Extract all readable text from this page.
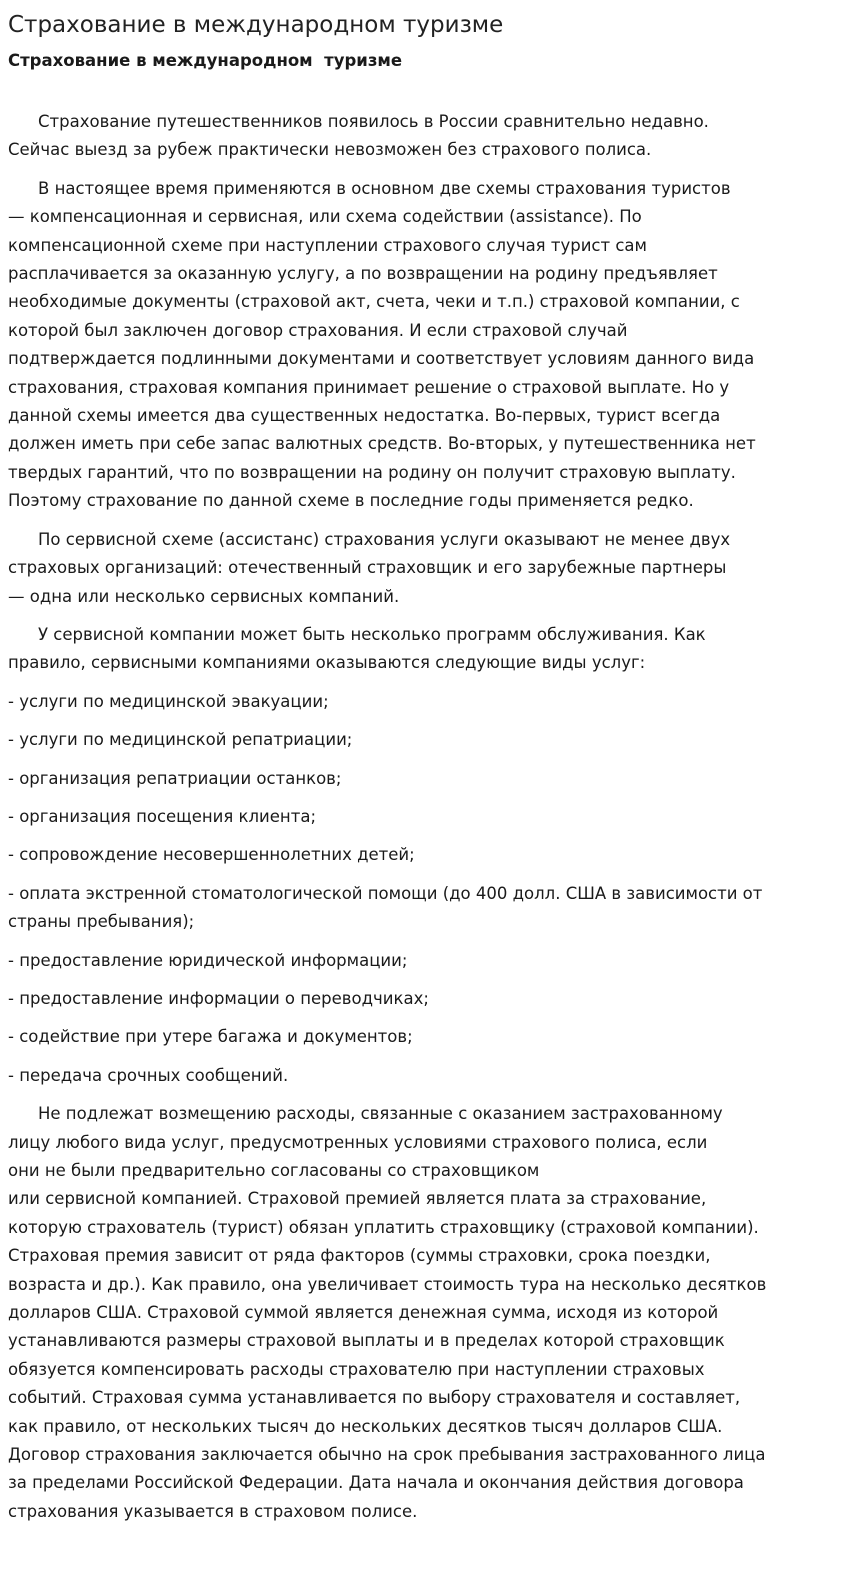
Страхование в международном туризме
Страхование в международном  туризме

Страхование путешественников появилось в России сравнительно недавно.
Сейчас выезд за рубеж практически невозможен без страхового полиса.

В настоящее время применяются в основном две схемы страхования туристов
— компенсационная и сервисная, или схема содействии (assistance). По
компенсационной схеме при наступлении страхового случая турист сам
расплачивается за оказанную услугу, а по возвращении на родину предъявляет
необходимые документы (страховой акт, счета, чеки и т.п.) страховой компании, с
которой был заключен договор страхования. И если страховой случай
подтверждается подлинными документами и соответствует условиям данного вида
страхования, страховая компания принимает решение о страховой выплате. Но у
данной схемы имеется два существенных недостатка. Во-первых, турист всегда
должен иметь при себе запас валютных средств. Во-вторых, у путешественника нет
твердых гарантий, что по возвращении на родину он получит страховую выплату.
Поэтому страхование по данной схеме в последние годы применяется редко.

По сервисной схеме (ассистанс) страхования услуги оказывают не менее двух
страховых организаций: отечественный страховщик и его зарубежные партнеры
— одна или несколько сервисных компаний.

У сервисной компании может быть несколько программ обслуживания. Как
правило, сервисными компаниями оказываются следующие виды услуг:

- услуги по медицинской эвакуации;

- услуги по медицинской репатриации;

- организация репатриации останков;

- организация посещения клиента;

- сопровождение несовершеннолетних детей;

- оплата экстренной стоматологической помощи (до 400 долл. США в зависимости от
страны пребывания);

- предоставление юридической информации;

- предоставление информации о переводчиках;

- содействие при утере багажа и документов;

- передача срочных сообщений.

Не подлежат возмещению расходы, связанные с оказанием застрахованному
лицу любого вида услуг, предусмотренных условиями страхового полиса, если
они не были предварительно согласованы со страховщиком
или сервисной компанией. Страховой премией является плата за страхование,
которую страхователь (турист) обязан уплатить страховщику (страховой компании).
Страховая премия зависит от ряда факторов (суммы страховки, срока поездки,
возраста и др.). Как правило, она увеличивает стоимость тура на несколько десятков
долларов США. Страховой суммой является денежная сумма, исходя из которой
устанавливаются размеры страховой выплаты и в пределах которой страховщик
обязуется компенсировать расходы страхователю при наступлении страховых
событий. Страховая сумма устанавливается по выбору страхователя и составляет,
как правило, от нескольких тысяч до нескольких десятков тысяч долларов США.
Договор страхования заключается обычно на срок пребывания застрахованного лица
за пределами Российской Федерации. Дата начала и окончания действия договора
страхования указывается в страховом полисе.
